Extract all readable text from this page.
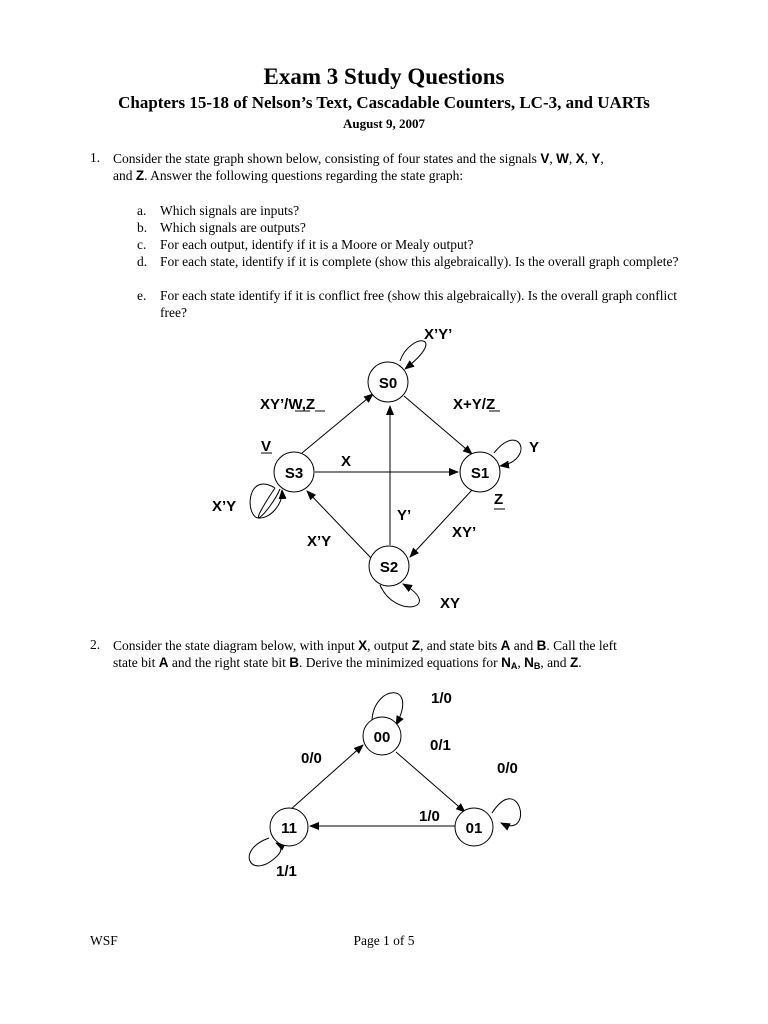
Exam 3 Study Questions
Chapters 15-18 of Nelson’s Text, Cascadable Counters, LC-3, and UARTs
August 9, 2007
1. Consider the state graph shown below, consisting of four states and the signals V, W, X, Y,
and Z. Answer the following questions regarding the state graph:
a. Which signals are inputs?
b. Which signals are outputs?
c. For each output, identify if it is a Moore or Mealy output?
d. For each state, identify if it is complete (show this algebraically). Is the overall graph complete?
e. For each state identify if it is conflict free (show this algebraically). Is the overall graph conflict free?
S0
S1
S2
S3
X’Y’
XY’/W,Z	X+Y/Z
Y
Z
V
X
X’Y
Y’
XY’
X’Y
XY
2. Consider the state diagram below, with input X, output Z, and state bits A and B. Call the left
state bit A and the right state bit B. Derive the minimized equations for $N_A$, $N_B$, and Z.
00
01
11
1/0
0/1
0/0
1/0
0/0
1/1
WSF	Page 1 of 5
